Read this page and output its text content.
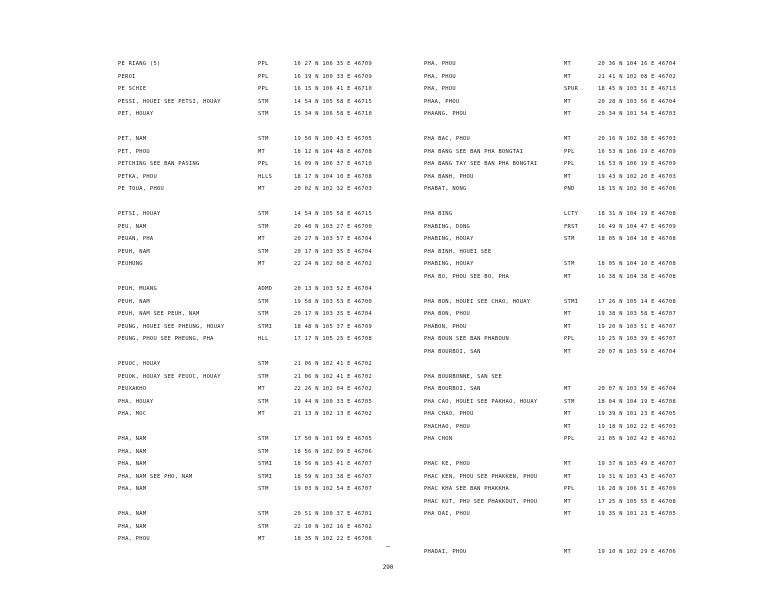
PE RIANG (5)	PPL	16 27 N 106 35 E 46709
PEROI	PPL	16 19 N 100 33 E 46709
PE SCHIE	PPL	16 15 N 106 41 E 46710
PESSI, HOUEI SEE PETSI, HOUAY	STM	14 54 N 105 58 E 46715
PET, HOUAY	STM	15 34 N 106 58 E 46710
PET, NAM	STM	19 50 N 100 43 E 46705
PET, PHOU	MT	18 12 N 104 48 E 46708
PETCHING SEE BAN PASING	PPL	16 09 N 106 37 E 46710
PETKA, PHOU	HLLS	18 17 N 104 10 E 46708
PE TOUA, PHOU	MT	20 02 N 102 32 E 46703
PETSI, HOUAY	STM	14 54 N 105 58 E 46715
PEU, NAM	STM	20 40 N 103 27 E 46700
PEUAN, PHA	MT	20 27 N 103 57 E 46704
PEUH, NAM	STM	20 17 N 103 35 E 46704
PEUHUNG	MT	22 24 N 102 08 E 46702
PEUH, MUANG	ADMD	20 13 N 103 52 E 46704
PEUH, NAM	STM	19 58 N 103 53 E 46700
PEUH, NAM SEE PEUH, NAM	STM	20 17 N 103 35 E 46704
PEUNG, HOUEI SEE PHEUNG, HOUAY	STMI	18 48 N 105 37 E 46709
PEUNG, PHOU SEE PHEUNG, PHA	HLL	17 17 N 105 25 E 46708
PEUOC, HOUAY	STM	21 06 N 102 41 E 46702
PEUOK, HOUAY SEE PEUOC, HOUAY	STM	21 06 N 102 41 E 46702
PEUXAKHO	MT	22 26 N 102 04 E 46702
PHA, HOUAY	STM	19 44 N 100 33 E 46705
PHA, MOC	MT	21 13 N 102 13 E 46702
PHA, NAM	STM	17 50 N 101 09 E 46705
PHA, NAM	STM	18 56 N 102 09 E 46706
PHA, NAM	STMI	18 56 N 103 41 E 46707
PHA, NAM SEE PHO, NAM	STMI	18 59 N 103 38 E 46707
PHA, NAM	STM	19 03 N 102 54 E 46707
PHA, NAM	STM	20 51 N 100 37 E 46701
PHA, NAM	STM	22 10 N 102 16 E 46702
PHA, PHOU	MT	18 35 N 102 22 E 46706
PHA, PHOU	MT	20 36 N 104 16 E 46704
PHA, PHOU	MT	21 41 N 102 08 E 46702
PHA, PHOU	SPUR	18 45 N 103 31 E 46713
PHAA, PHOU	MT	20 28 N 103 56 E 46704
PHAANG, PHOU	MT	20 34 N 101 54 E 46703
PHA BAC, PHOU	MT	20 16 N 102 38 E 46703
PHA BANG SEE BAN PHA BONGTAI	PPL	16 53 N 106 19 E 46709
PHA BANG TAY SEE BAN PHA BONGTAI	PPL	16 53 N 106 19 E 46709
PHA BANH, PHOU	MT	19 43 N 102 20 E 46703
PHABAT, NONG	PND	18 15 N 102 30 E 46706
PHA BING	LCTY	18 31 N 104 19 E 46708
PHABING, DONG	FRST	16 49 N 104 47 E 46709
PHABING, HOUAY	STM	18 05 N 104 10 E 46708
PHA BINH, HOUEI SEE
PHABING, HOUAY	STM	18 05 N 104 10 E 46708
PHA BO, PHOU SEE BO, PHA	MT	16 38 N 104 38 E 46708
PHA BON, HOUEI SEE CHAO, HOUAY	STMI	17 26 N 105 14 E 46708
PHA BON, PHOU	MT	19 38 N 103 58 E 46707
PHABON, PHOU	MT	19 20 N 103 51 E 46707
PHA BOUN SEE BAN PHABOUN	PPL	19 25 N 103 39 E 46707
PHA BOURBOI, SAN	MT	20 07 N 103 59 E 46704
PHA BOURBONNE, SAN SEE
PHA BOURBOI, SAN	MT	20 07 N 103 59 E 46704
PHA CAO, HOUEI SEE PAKHAO, HOUAY	STM	18 04 N 104 19 E 46708
PHA CHAO, PHOU	MT	19 39 N 101 23 E 46705
PHACHAO, PHOU	MT	19 18 N 102 22 E 46703
PHA CHON	PPL	21 05 N 102 42 E 46702
PHAC KE, PHOU	MT	19 37 N 103 49 E 46707
PHAC KEN, PHOU SEE PHAKKEN, PHOU	MT	19 31 N 103 43 E 46707
PHAC KHA SEE BAN PHAKKHA	PPL	16 28 N 106 51 E 46709
PHAC KUT, PHU SEE PHAKKOUT, PHOU	MT	17 25 N 105 55 E 46708
PHA DAI, PHOU	MT	19 35 N 101 23 E 46705
PHADAI, PHOU	MT	19 10 N 102 29 E 46706
290
